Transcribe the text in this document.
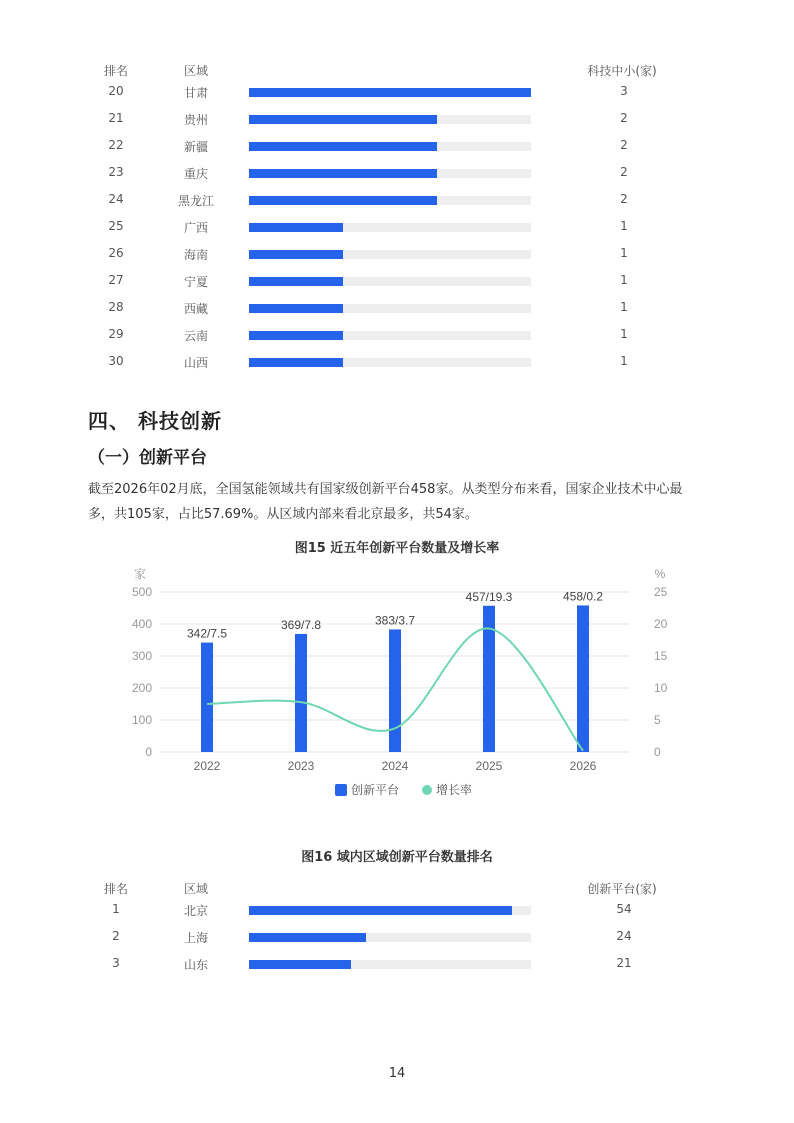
排名	区域	科技中小(家)
20	甘肃	3
21	贵州	2
22	新疆	2
23	重庆	2
24	黑龙江	2
25	广西	1
26	海南	1
27	宁夏	1
28	西藏	1
29	云南	1
30	山西	1
四、 科技创新
（一）创新平台
截至2026年02月底，全国氢能领域共有国家级创新平台458家。从类型分布来看，国家企业技术中心最多，共105家，占比57.69%。从区域内部来看北京最多，共54家。
图15 近五年创新平台数量及增长率
0
100
200
300
400
500
0
5
10
15
20
25
家	%
342/7.5
2022
369/7.8
2023
383/3.7
2024
457/19.3
2025
458/0.2
2026
创新平台	增长率
图16 域内区域创新平台数量排名
排名	区域	创新平台(家)
1	北京	54
2	上海	24
3	山东	21
14
